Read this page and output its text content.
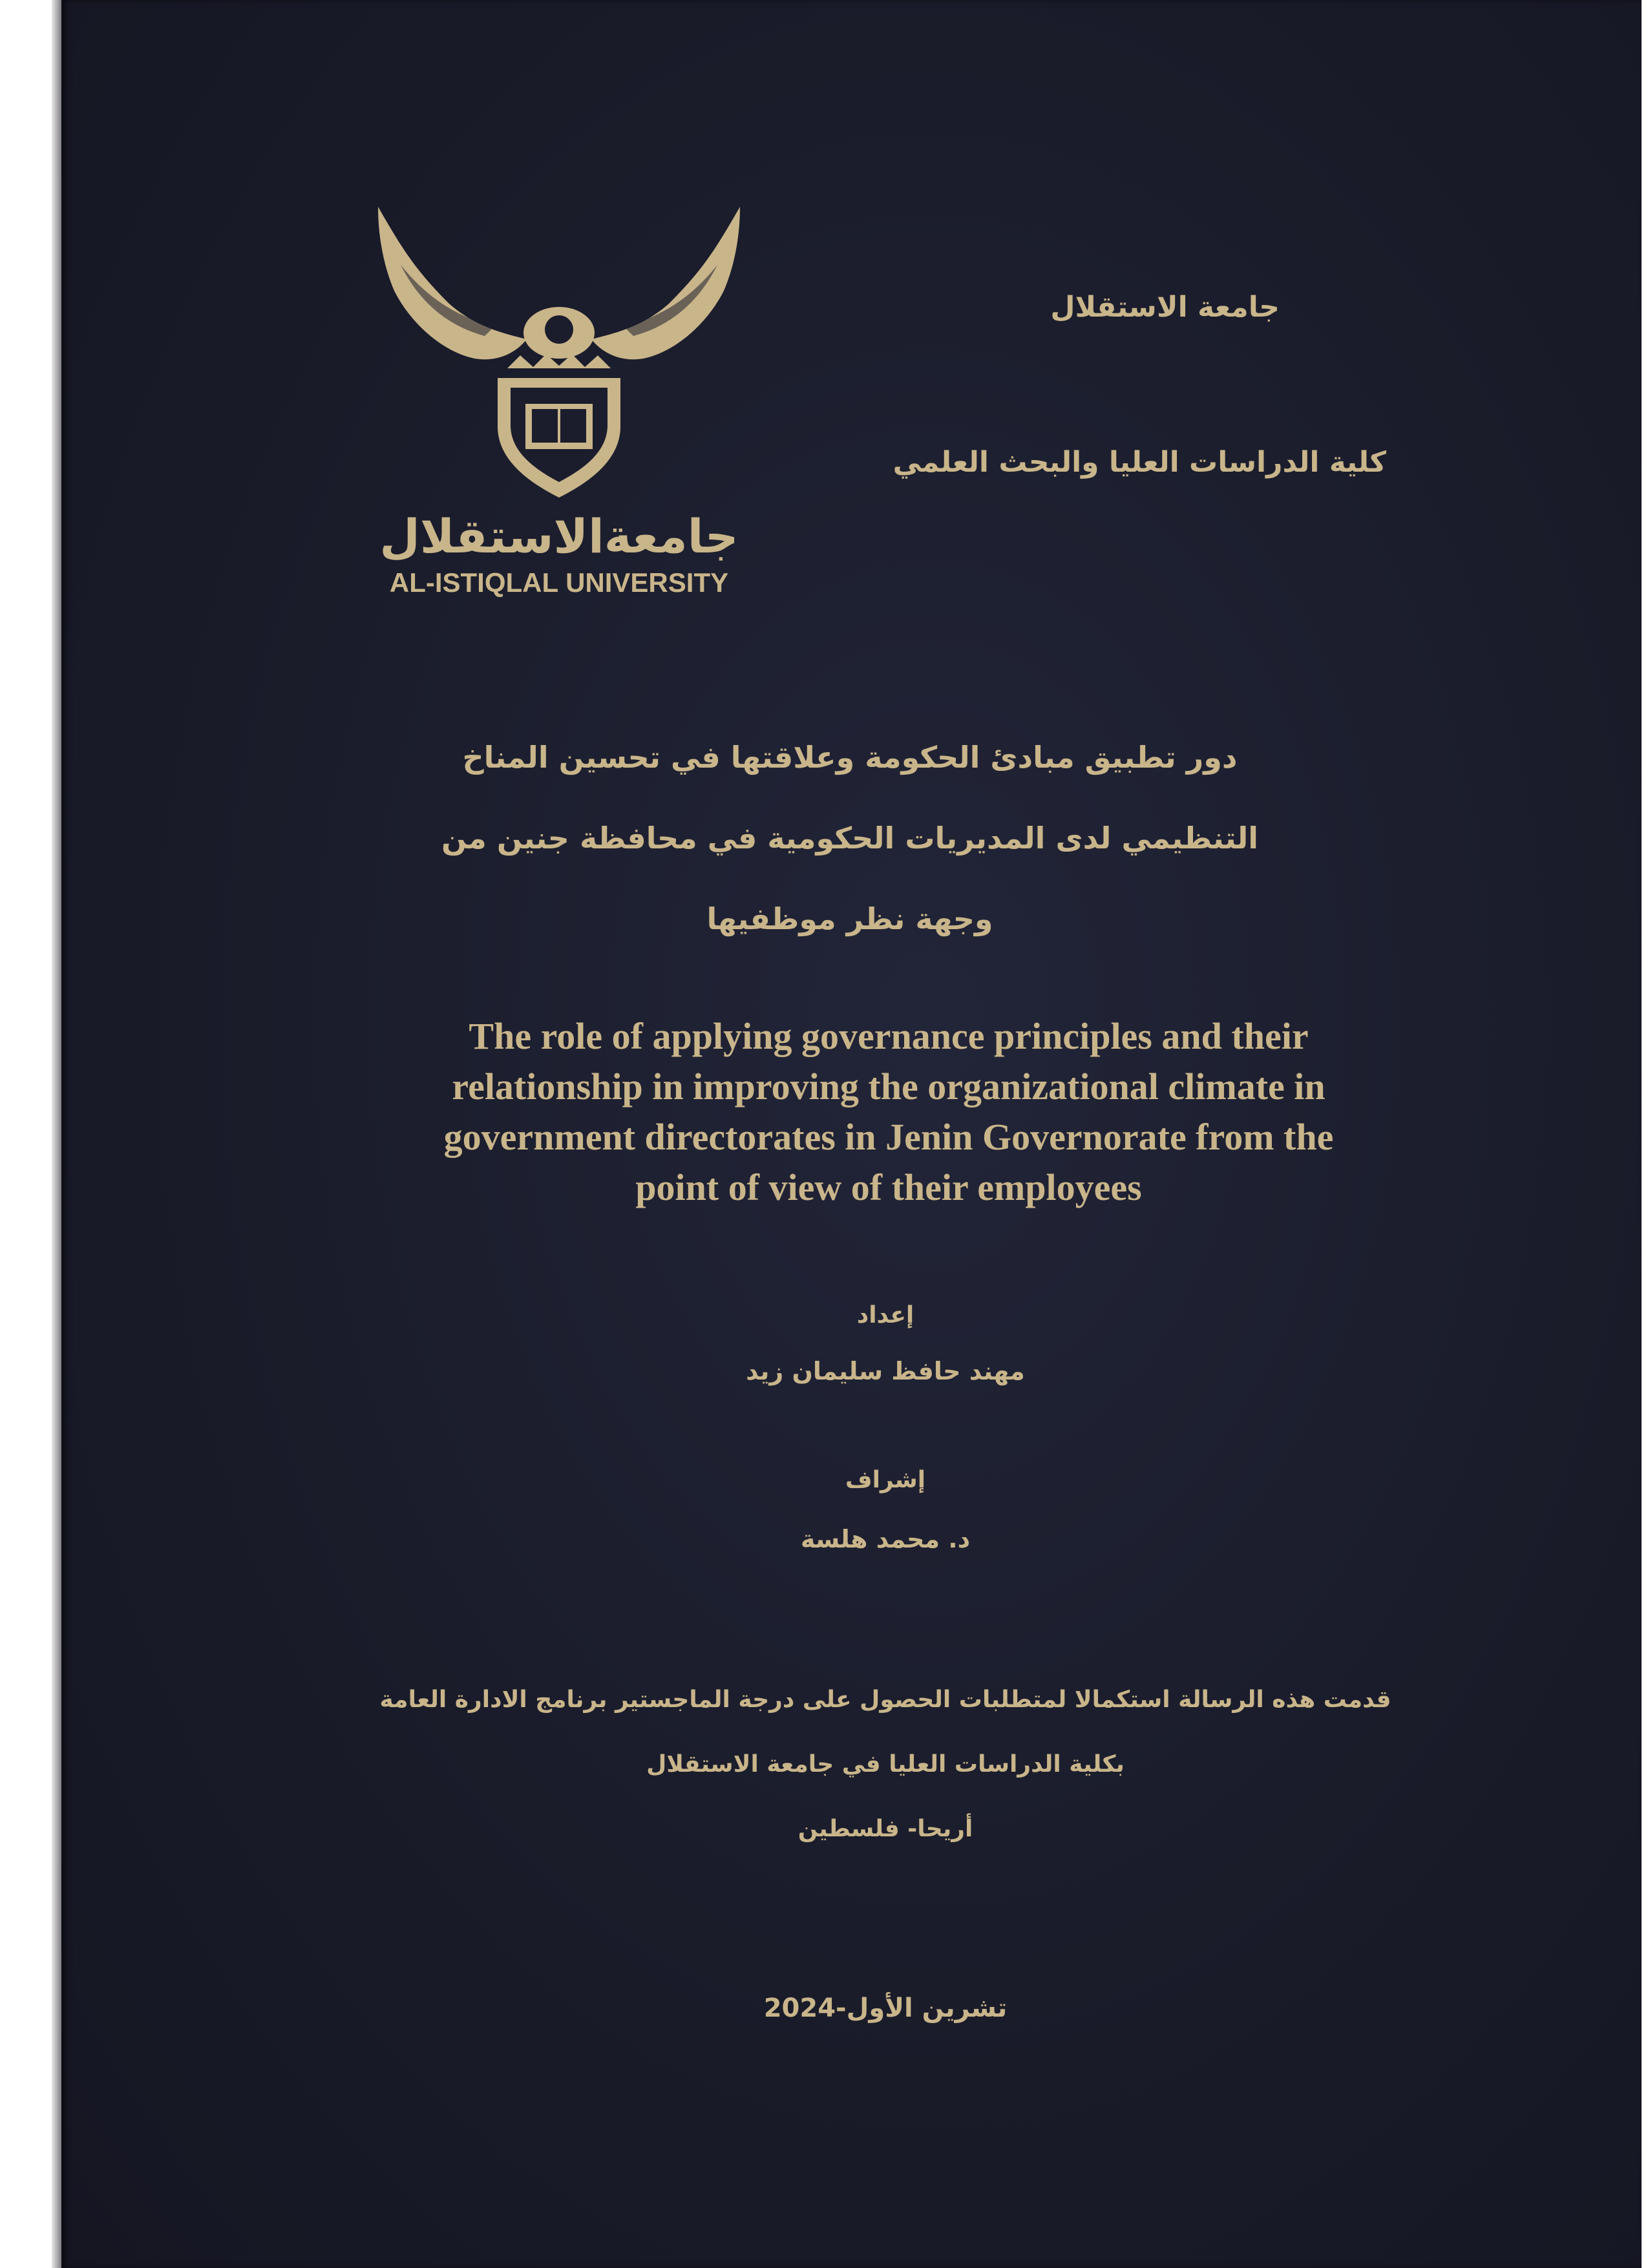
جامعةالاستقلال
AL-ISTIQLAL UNIVERSITY
جامعة الاستقلال
كلية الدراسات العليا والبحث العلمي
دور تطبيق مبادئ الحكومة وعلاقتها في تحسين المناخ
التنظيمي لدى المديريات الحكومية في محافظة جنين من
وجهة نظر موظفيها
The role of applying governance principles and their
relationship in improving the organizational climate in
government directorates in Jenin Governorate from the
point of view of their employees
إعداد
مهند حافظ سليمان زيد
إشراف
د. محمد هلسة
قدمت هذه الرسالة استكمالا لمتطلبات الحصول على درجة الماجستير برنامج الادارة العامة
بكلية الدراسات العليا في جامعة الاستقلال
أريحا- فلسطين
تشرين الأول-2024
